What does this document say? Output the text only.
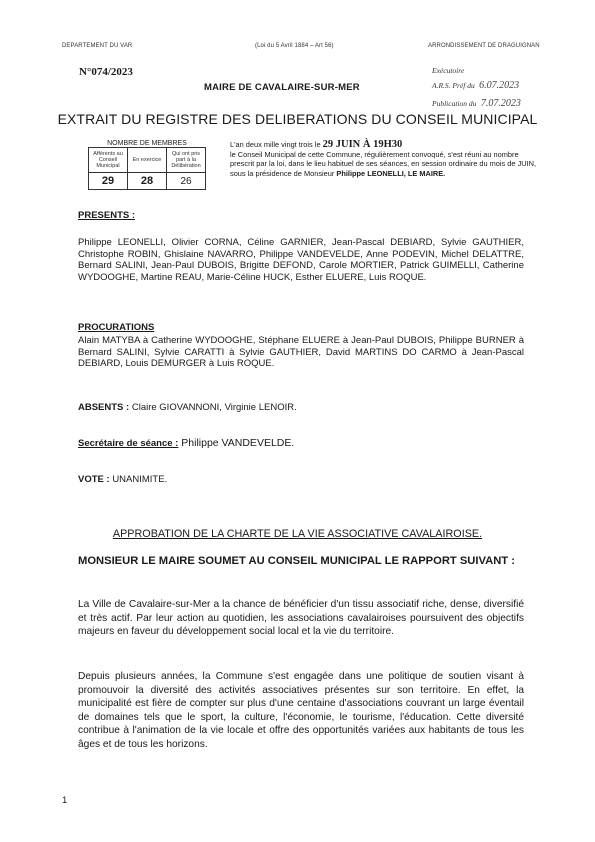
DEPARTEMENT DU VAR	(Loi du 5 Avril 1884 – Art 56)	ARRONDISSEMENT DE DRAGUIGNAN
N°074/2023
MAIRE DE CAVALAIRE-SUR-MER
Exécutoire
A.R.S. Préf du 6.07.2023
Publication du 7.07.2023
EXTRAIT DU REGISTRE DES DELIBERATIONS DU CONSEIL MUNICIPAL
NOMBRE DE MEMBRES
Afférents au Conseil Municipal	En exercice	Qui ont pris part à la Délibération
29	28	26
L'an deux mille vingt trois le 29 JUIN À 19H30
le Conseil Municipal de cette Commune, régulièrement convoqué, s'est réuni au nombre prescrit par la loi, dans le lieu habituel de ses séances, en session ordinaire du mois de JUIN,
sous la présidence de Monsieur Philippe LEONELLI, LE MAIRE.
PRESENTS :
Philippe LEONELLI, Olivier CORNA, Céline GARNIER, Jean-Pascal DEBIARD, Sylvie GAUTHIER, Christophe ROBIN, Ghislaine NAVARRO, Philippe VANDEVELDE, Anne PODEVIN, Michel DELATTRE, Bernard SALINI, Jean-Paul DUBOIS, Brigitte DEFOND, Carole MORTIER, Patrick GUIMELLI, Catherine WYDOOGHE, Martine REAU, Marie-Céline HUCK, Esther ELUERE, Luis ROQUE.
PROCURATIONS
Alain MATYBA à Catherine WYDOOGHE, Stéphane ELUERE à Jean-Paul DUBOIS, Philippe BURNER à Bernard SALINI, Sylvie CARATTI à Sylvie GAUTHIER, David MARTINS DO CARMO à Jean-Pascal DEBIARD, Louis DEMURGER à Luis ROQUE.
ABSENTS : Claire GIOVANNONI, Virginie LENOIR.
Secrétaire de séance : Philippe VANDEVELDE.
VOTE : UNANIMITE.
APPROBATION DE LA CHARTE DE LA VIE ASSOCIATIVE CAVALAIROISE.
MONSIEUR LE MAIRE SOUMET AU CONSEIL MUNICIPAL LE RAPPORT SUIVANT :
La Ville de Cavalaire-sur-Mer a la chance de bénéficier d'un tissu associatif riche, dense, diversifié et très actif. Par leur action au quotidien, les associations cavalairoises poursuivent des objectifs majeurs en faveur du développement social local et la vie du territoire.
Depuis plusieurs années, la Commune s'est engagée dans une politique de soutien visant à promouvoir la diversité des activités associatives présentes sur son territoire. En effet, la municipalité est fière de compter sur plus d'une centaine d'associations couvrant un large éventail de domaines tels que le sport, la culture, l'économie, le tourisme, l'éducation. Cette diversité contribue à l'animation de la vie locale et offre des opportunités variées aux habitants de tous les âges et de tous les horizons.
1
